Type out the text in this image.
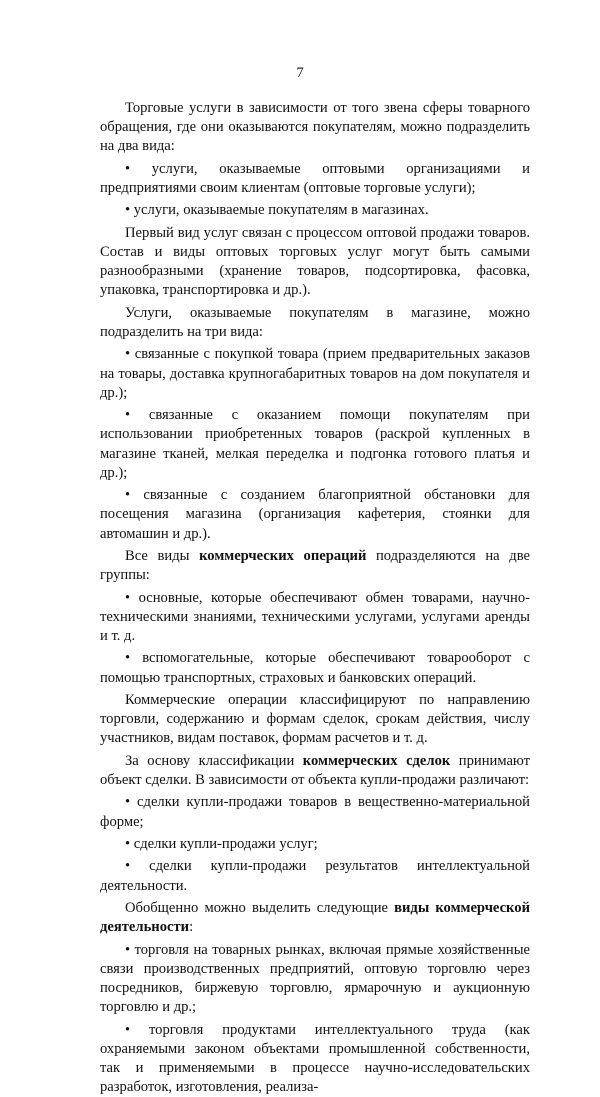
7

Торговые услуги в зависимости от того звена сферы товарного обращения, где они оказываются покупателям, можно подразделить на два вида:

• услуги, оказываемые оптовыми организациями и предприятиями своим клиентам (оптовые торговые услуги);

• услуги, оказываемые покупателям в магазинах.

Первый вид услуг связан с процессом оптовой продажи товаров. Состав и виды оптовых торговых услуг могут быть самыми разнообразными (хранение товаров, подсортировка, фасовка, упаковка, транспортировка и др.).

Услуги, оказываемые покупателям в магазине, можно подразделить на три вида:

• связанные с покупкой товара (прием предварительных заказов на товары, доставка крупногабаритных товаров на дом покупателя и др.);

• связанные с оказанием помощи покупателям при использовании приобретенных товаров (раскрой купленных в магазине тканей, мелкая переделка и подгонка готового платья и др.);

• связанные с созданием благоприятной обстановки для посещения магазина (организация кафетерия, стоянки для автомашин и др.).

Все виды коммерческих операций подразделяются на две группы:

• основные, которые обеспечивают обмен товарами, научно-техническими знаниями, техническими услугами, услугами аренды и т. д.

• вспомогательные, которые обеспечивают товарооборот с помощью транспортных, страховых и банковских операций.

Коммерческие операции классифицируют по направлению торговли, содержанию и формам сделок, срокам действия, числу участников, видам поставок, формам расчетов и т. д.

За основу классификации коммерческих сделок принимают объект сделки. В зависимости от объекта купли-продажи различают:

• сделки купли-продажи товаров в вещественно-материальной форме;

• сделки купли-продажи услуг;

• сделки купли-продажи результатов интеллектуальной деятельности.

Обобщенно можно выделить следующие виды коммерческой деятельности:

• торговля на товарных рынках, включая прямые хозяйственные связи производственных предприятий, оптовую торговлю через посредников, биржевую торговлю, ярмарочную и аукционную торговлю и др.;

• торговля продуктами интеллектуального труда (как охраняемыми законом объектами промышленной собственности, так и применяемыми в процессе научно-исследовательских разработок, изготовления, реализа-
